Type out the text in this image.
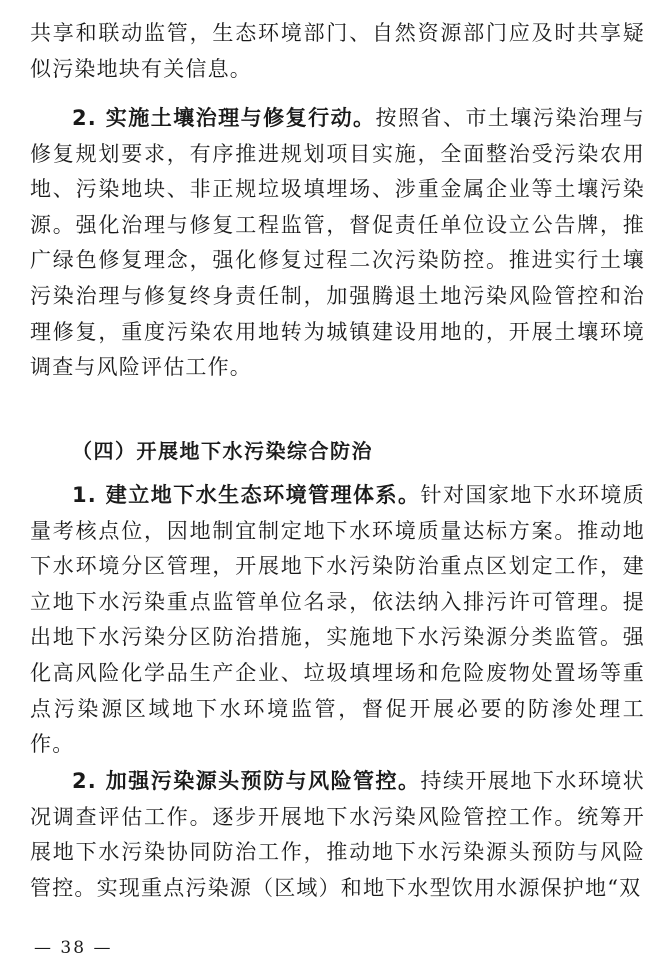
共享和联动监管，生态环境部门、自然资源部门应及时共享疑似污染地块有关信息。

2. 实施土壤治理与修复行动。按照省、市土壤污染治理与修复规划要求，有序推进规划项目实施，全面整治受污染农用地、污染地块、非正规垃圾填埋场、涉重金属企业等土壤污染源。强化治理与修复工程监管，督促责任单位设立公告牌，推广绿色修复理念，强化修复过程二次污染防控。推进实行土壤污染治理与修复终身责任制，加强腾退土地污染风险管控和治理修复，重度污染农用地转为城镇建设用地的，开展土壤环境调查与风险评估工作。

（四）开展地下水污染综合防治

1. 建立地下水生态环境管理体系。针对国家地下水环境质量考核点位，因地制宜制定地下水环境质量达标方案。推动地下水环境分区管理，开展地下水污染防治重点区划定工作，建立地下水污染重点监管单位名录，依法纳入排污许可管理。提出地下水污染分区防治措施，实施地下水污染源分类监管。强化高风险化学品生产企业、垃圾填埋场和危险废物处置场等重点污染源区域地下水环境监管，督促开展必要的防渗处理工作。

2. 加强污染源头预防与风险管控。持续开展地下水环境状况调查评估工作。逐步开展地下水污染风险管控工作。统筹开展地下水污染协同防治工作，推动地下水污染源头预防与风险管控。实现重点污染源（区域）和地下水型饮用水源保护地“双

— 38 —
